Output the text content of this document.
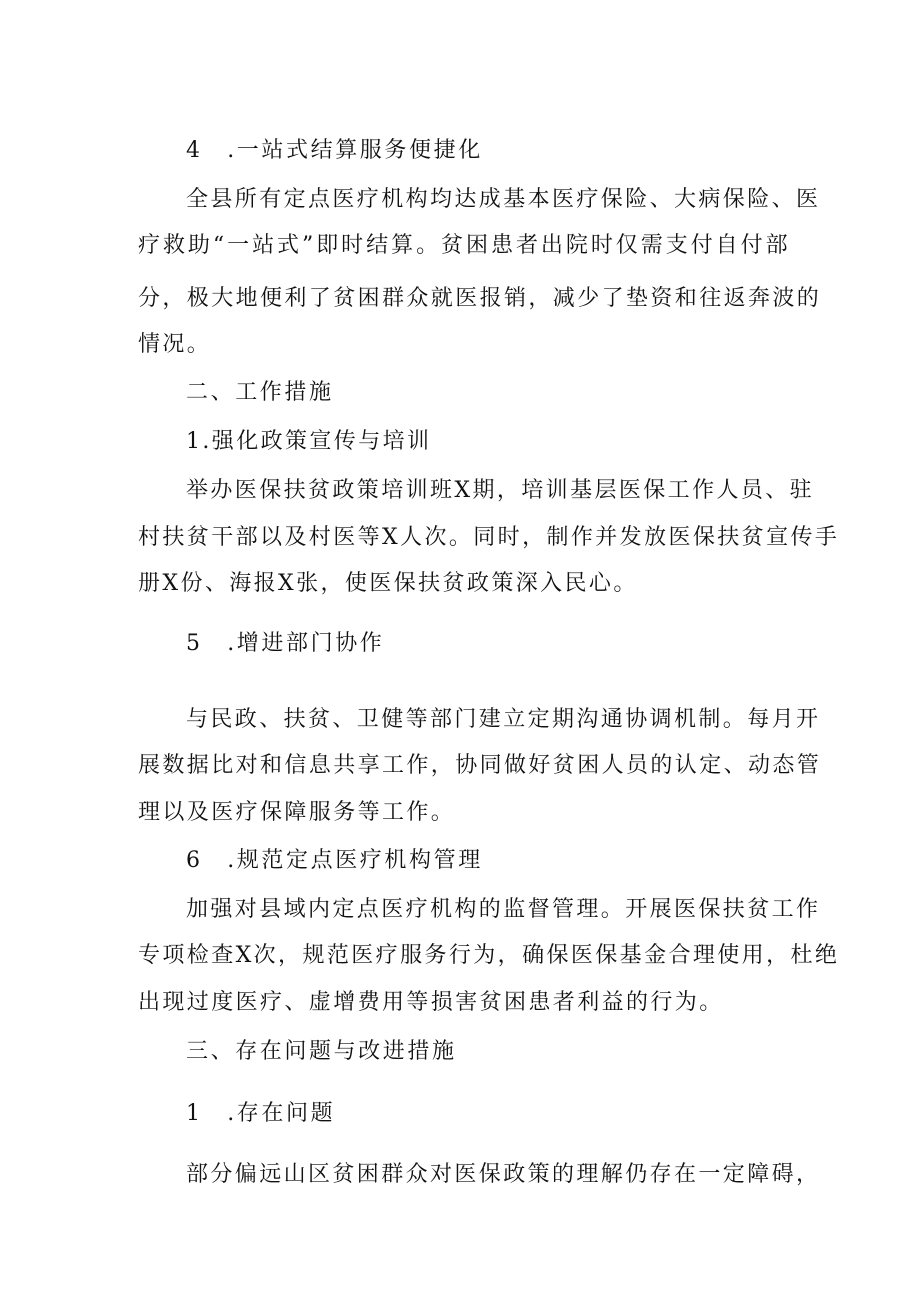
4　.一站式结算服务便捷化

全县所有定点医疗机构均达成基本医疗保险、大病保险、医

疗救助“一站式”即时结算。贫困患者出院时仅需支付自付部

分，极大地便利了贫困群众就医报销，减少了垫资和往返奔波的

情况。

二、工作措施

1.强化政策宣传与培训

举办医保扶贫政策培训班X期，培训基层医保工作人员、驻

村扶贫干部以及村医等X人次。同时，制作并发放医保扶贫宣传手

册X份、海报X张，使医保扶贫政策深入民心。

5　.增进部门协作

与民政、扶贫、卫健等部门建立定期沟通协调机制。每月开

展数据比对和信息共享工作，协同做好贫困人员的认定、动态管

理以及医疗保障服务等工作。

6　.规范定点医疗机构管理

加强对县域内定点医疗机构的监督管理。开展医保扶贫工作

专项检查X次，规范医疗服务行为，确保医保基金合理使用，杜绝

出现过度医疗、虚增费用等损害贫困患者利益的行为。

三、存在问题与改进措施

1　.存在问题

部分偏远山区贫困群众对医保政策的理解仍存在一定障碍，
